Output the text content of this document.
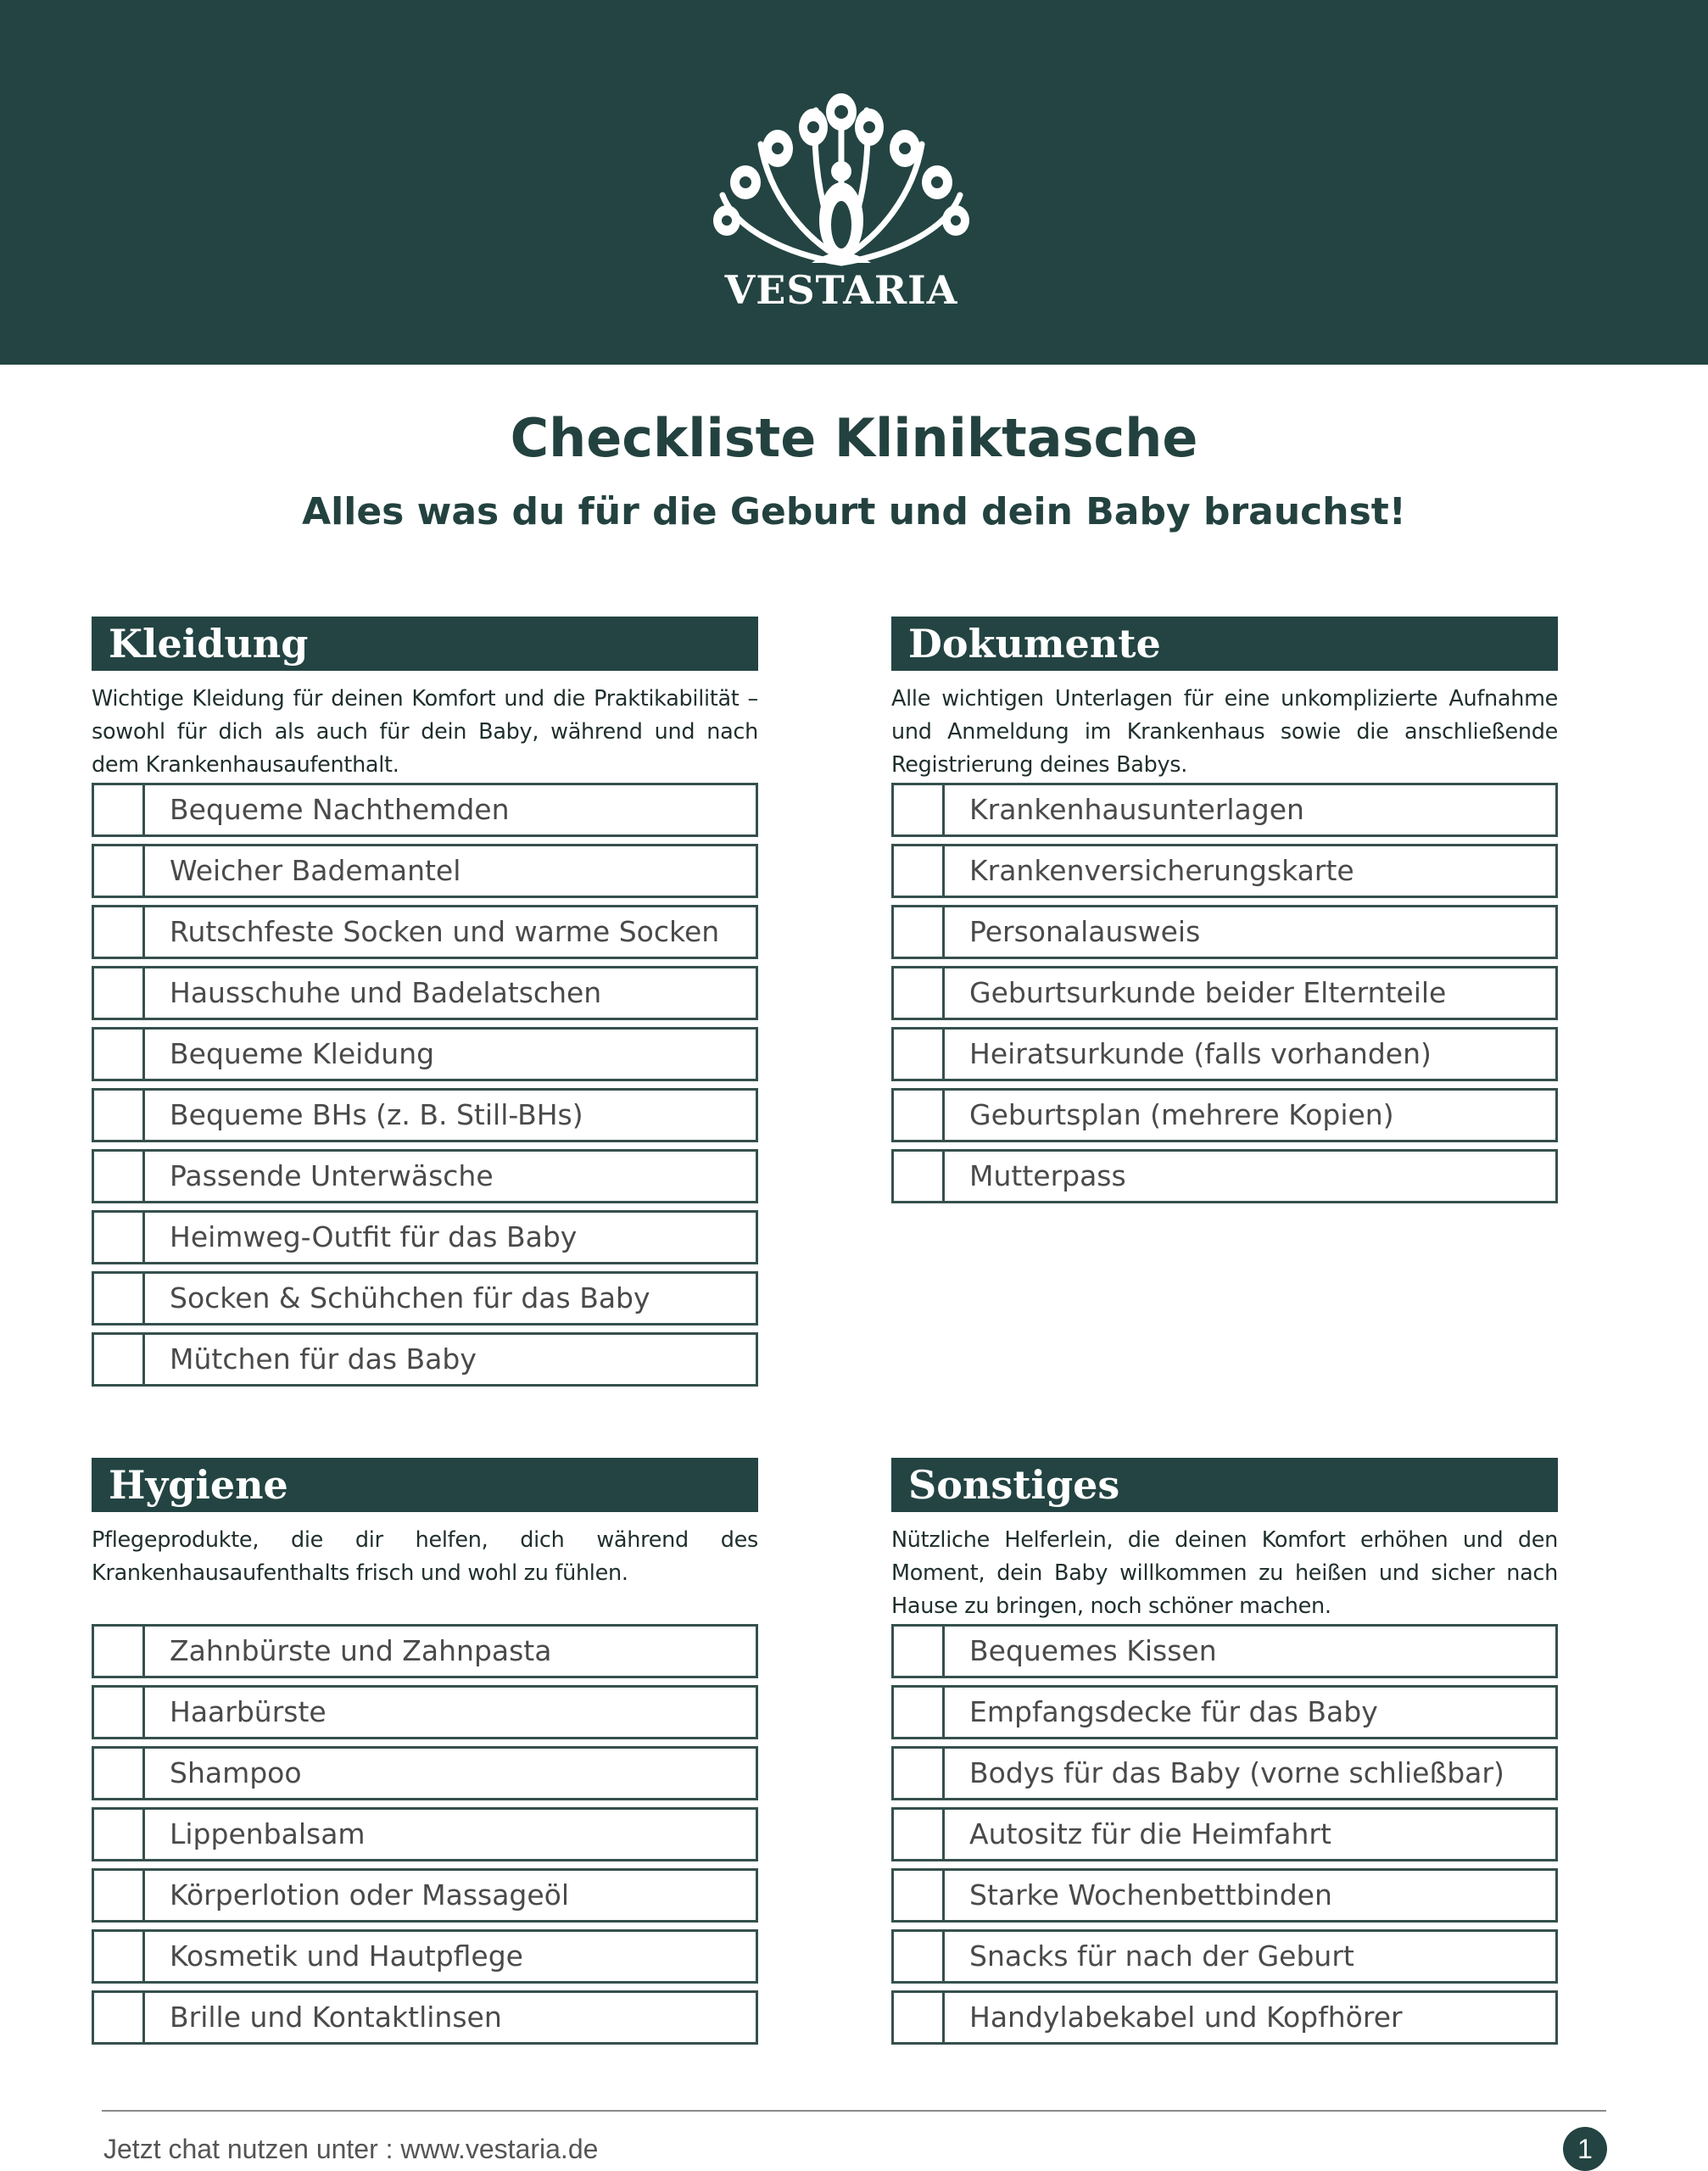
VESTARIA
Checkliste Kliniktasche
Alles was du für die Geburt und dein Baby brauchst!
Kleidung
Wichtige Kleidung für deinen Komfort und die Praktikabilität – sowohl für dich als auch für dein Baby, während und nach dem Krankenhausaufenthalt.
Bequeme Nachthemden
Weicher Bademantel
Rutschfeste Socken und warme Socken
Hausschuhe und Badelatschen
Bequeme Kleidung
Bequeme BHs (z. B. Still-BHs)
Passende Unterwäsche
Heimweg-Outfit für das Baby
Socken & Schühchen für das Baby
Mütchen für das Baby
Dokumente
Alle wichtigen Unterlagen für eine unkomplizierte Aufnahme und Anmeldung im Krankenhaus sowie die anschließende Registrierung deines Babys.
Krankenhausunterlagen
Krankenversicherungskarte
Personalausweis
Geburtsurkunde beider Elternteile
Heiratsurkunde (falls vorhanden)
Geburtsplan (mehrere Kopien)
Mutterpass
Hygiene
Pflegeprodukte, die dir helfen, dich während des Krankenhausaufenthalts frisch und wohl zu fühlen.
Zahnbürste und Zahnpasta
Haarbürste
Shampoo
Lippenbalsam
Körperlotion oder Massageöl
Kosmetik und Hautpflege
Brille und Kontaktlinsen
Sonstiges
Nützliche Helferlein, die deinen Komfort erhöhen und den Moment, dein Baby willkommen zu heißen und sicher nach Hause zu bringen, noch schöner machen.
Bequemes Kissen
Empfangsdecke für das Baby
Bodys für das Baby (vorne schließbar)
Autositz für die Heimfahrt
Starke Wochenbettbinden
Snacks für nach der Geburt
Handylabekabel und Kopfhörer
Jetzt chat nutzen unter : www.vestaria.de	1
